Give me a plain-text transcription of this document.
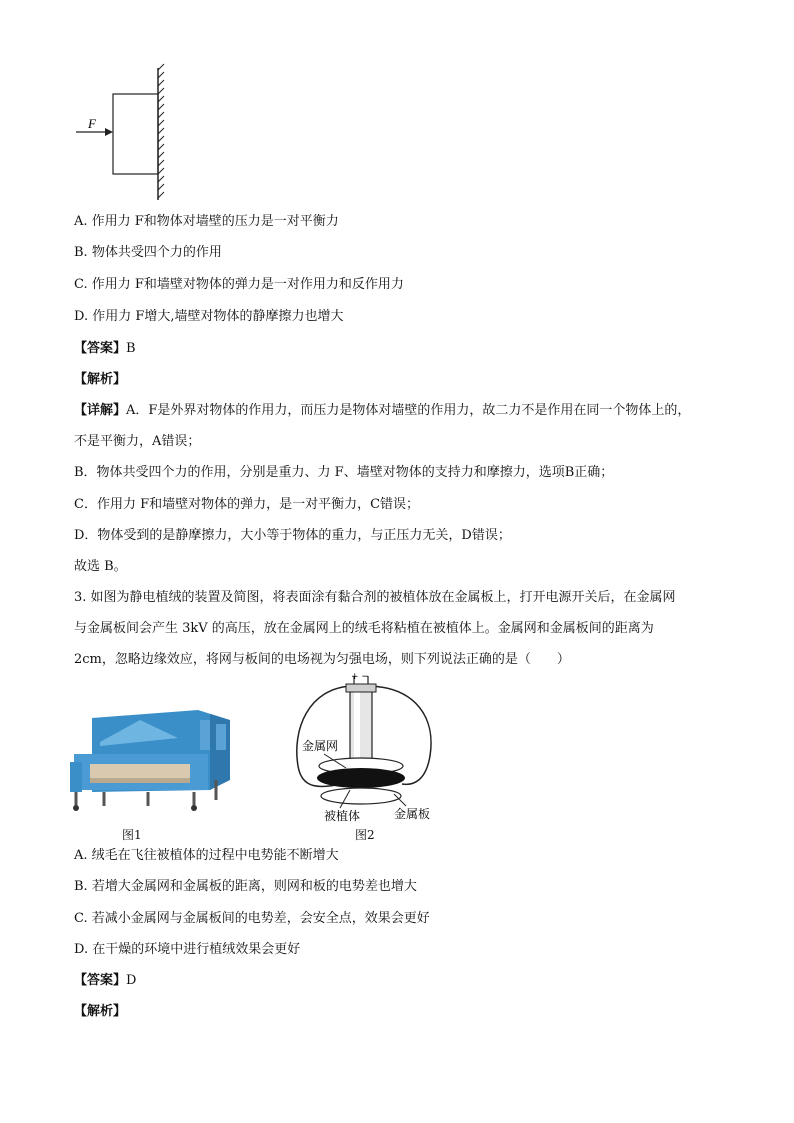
F
A. 作用力 F和物体对墙壁的压力是一对平衡力
B. 物体共受四个力的作用
C. 作用力 F和墙壁对物体的弹力是一对作用力和反作用力
D. 作用力 F增大,墙壁对物体的静摩擦力也增大
【答案】B
【解析】
【详解】A．F是外界对物体的作用力，而压力是物体对墙壁的作用力，故二力不是作用在同一个物体上的，
不是平衡力，A错误；
B．物体共受四个力的作用，分别是重力、力 F、墙壁对物体的支持力和摩擦力，选项B正确；
C．作用力 F和墙壁对物体的弹力，是一对平衡力，C错误；
D．物体受到的是静摩擦力，大小等于物体的重力，与正压力无关，D错误；
故选 B。
3. 如图为静电植绒的装置及简图，将表面涂有黏合剂的被植体放在金属板上，打开电源开关后，在金属网
与金属板间会产生 3kV 的高压，放在金属网上的绒毛将粘植在被植体上。金属网和金属板间的距离为
2cm，忽略边缘效应，将网与板间的电场视为匀强电场，则下列说法正确的是（　　）
图1
+ −
金属网
被植体	金属板
图2
A. 绒毛在飞往被植体的过程中电势能不断增大
B. 若增大金属网和金属板的距离，则网和板的电势差也增大
C. 若减小金属网与金属板间的电势差，会安全点，效果会更好
D. 在干燥的环境中进行植绒效果会更好
【答案】D
【解析】
